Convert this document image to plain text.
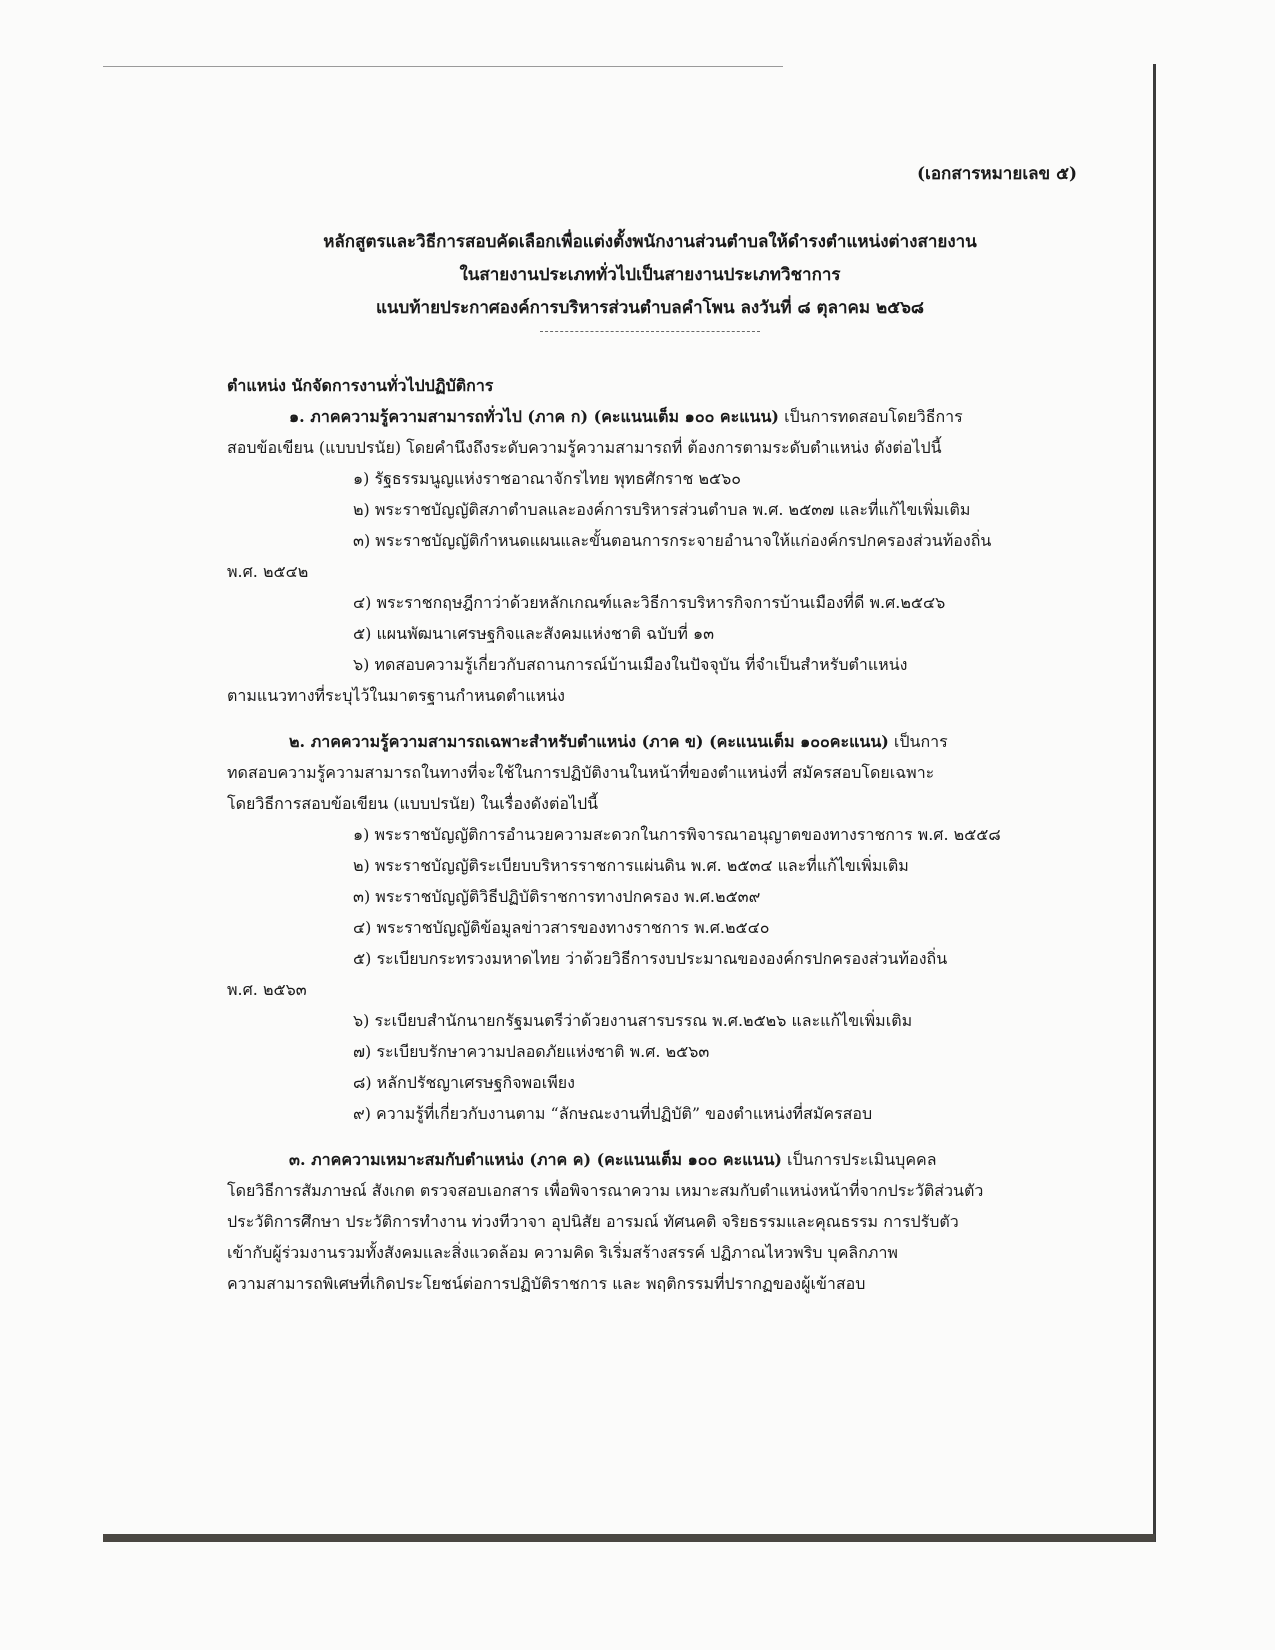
(เอกสารหมายเลข ๕)
หลักสูตรและวิธีการสอบคัดเลือกเพื่อแต่งตั้งพนักงานส่วนตำบลให้ดำรงตำแหน่งต่างสายงาน
ในสายงานประเภททั่วไปเป็นสายงานประเภทวิชาการ
แนบท้ายประกาศองค์การบริหารส่วนตำบลคำโพน ลงวันที่ ๘ ตุลาคม ๒๕๖๘
ตำแหน่ง นักจัดการงานทั่วไปปฏิบัติการ
๑. ภาคความรู้ความสามารถทั่วไป (ภาค ก) (คะแนนเต็ม ๑๐๐ คะแนน) เป็นการทดสอบโดยวิธีการ
สอบข้อเขียน (แบบปรนัย) โดยคำนึงถึงระดับความรู้ความสามารถที่ ต้องการตามระดับตำแหน่ง ดังต่อไปนี้
๑) รัฐธรรมนูญแห่งราชอาณาจักรไทย พุทธศักราช ๒๕๖๐
๒) พระราชบัญญัติสภาตำบลและองค์การบริหารส่วนตำบล พ.ศ. ๒๕๓๗ และที่แก้ไขเพิ่มเติม
๓) พระราชบัญญัติกำหนดแผนและขั้นตอนการกระจายอำนาจให้แก่องค์กรปกครองส่วนท้องถิ่น
พ.ศ. ๒๕๔๒
๔) พระราชกฤษฎีกาว่าด้วยหลักเกณฑ์และวิธีการบริหารกิจการบ้านเมืองที่ดี พ.ศ.๒๕๔๖
๕) แผนพัฒนาเศรษฐกิจและสังคมแห่งชาติ ฉบับที่ ๑๓
๖) ทดสอบความรู้เกี่ยวกับสถานการณ์บ้านเมืองในปัจจุบัน ที่จำเป็นสำหรับตำแหน่ง
ตามแนวทางที่ระบุไว้ในมาตรฐานกำหนดตำแหน่ง
๒. ภาคความรู้ความสามารถเฉพาะสำหรับตำแหน่ง (ภาค ข) (คะแนนเต็ม ๑๐๐คะแนน) เป็นการ
ทดสอบความรู้ความสามารถในทางที่จะใช้ในการปฏิบัติงานในหน้าที่ของตำแหน่งที่ สมัครสอบโดยเฉพาะ
โดยวิธีการสอบข้อเขียน (แบบปรนัย) ในเรื่องดังต่อไปนี้
๑) พระราชบัญญัติการอำนวยความสะดวกในการพิจารณาอนุญาตของทางราชการ พ.ศ. ๒๕๕๘
๒) พระราชบัญญัติระเบียบบริหารราชการแผ่นดิน พ.ศ. ๒๕๓๔ และที่แก้ไขเพิ่มเติม
๓) พระราชบัญญัติวิธีปฏิบัติราชการทางปกครอง พ.ศ.๒๕๓๙
๔) พระราชบัญญัติข้อมูลข่าวสารของทางราชการ พ.ศ.๒๕๔๐
๕) ระเบียบกระทรวงมหาดไทย ว่าด้วยวิธีการงบประมาณขององค์กรปกครองส่วนท้องถิ่น
พ.ศ. ๒๕๖๓
๖) ระเบียบสำนักนายกรัฐมนตรีว่าด้วยงานสารบรรณ พ.ศ.๒๕๒๖ และแก้ไขเพิ่มเติม
๗) ระเบียบรักษาความปลอดภัยแห่งชาติ พ.ศ. ๒๕๖๓
๘) หลักปรัชญาเศรษฐกิจพอเพียง
๙) ความรู้ที่เกี่ยวกับงานตาม “ลักษณะงานที่ปฏิบัติ” ของตำแหน่งที่สมัครสอบ
๓. ภาคความเหมาะสมกับตำแหน่ง (ภาค ค) (คะแนนเต็ม ๑๐๐ คะแนน) เป็นการประเมินบุคคล
โดยวิธีการสัมภาษณ์ สังเกต ตรวจสอบเอกสาร เพื่อพิจารณาความ เหมาะสมกับตำแหน่งหน้าที่จากประวัติส่วนตัว
ประวัติการศึกษา ประวัติการทำงาน ท่วงทีวาจา อุปนิสัย อารมณ์ ทัศนคติ จริยธรรมและคุณธรรม การปรับตัว
เข้ากับผู้ร่วมงานรวมทั้งสังคมและสิ่งแวดล้อม ความคิด ริเริ่มสร้างสรรค์ ปฏิภาณไหวพริบ บุคลิกภาพ
ความสามารถพิเศษที่เกิดประโยชน์ต่อการปฏิบัติราชการ และ พฤติกรรมที่ปรากฏของผู้เข้าสอบ
